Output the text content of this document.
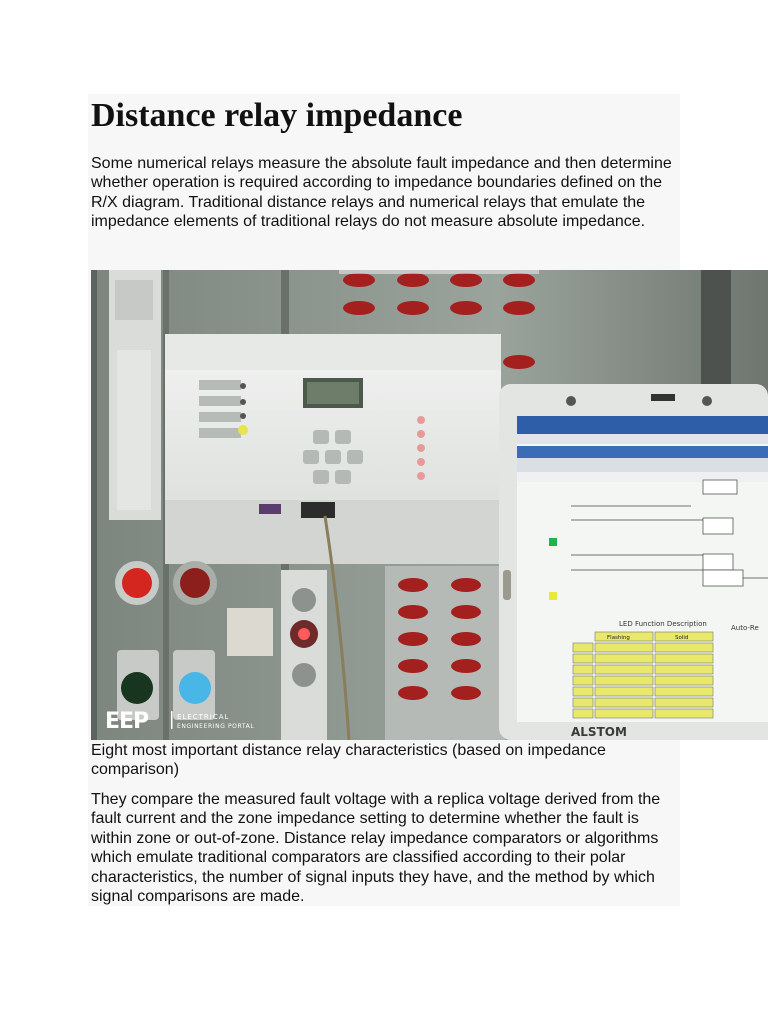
Distance relay impedance

Some numerical relays measure the absolute fault impedance and then determine whether operation is required according to impedance boundaries defined on the R/X diagram. Traditional distance relays and numerical relays that emulate the impedance elements of traditional relays do not measure absolute impedance.

LED Function Description	Auto-Re
Flashing	Solid
ALSTOM
EEP	ELECTRICAL
ENGINEERING PORTAL

Eight most important distance relay characteristics (based on impedance comparison)

They compare the measured fault voltage with a replica voltage derived from the fault current and the zone impedance setting to determine whether the fault is within zone or out-of-zone. Distance relay impedance comparators or algorithms which emulate traditional comparators are classified according to their polar characteristics, the number of signal inputs they have, and the method by which signal comparisons are made.
